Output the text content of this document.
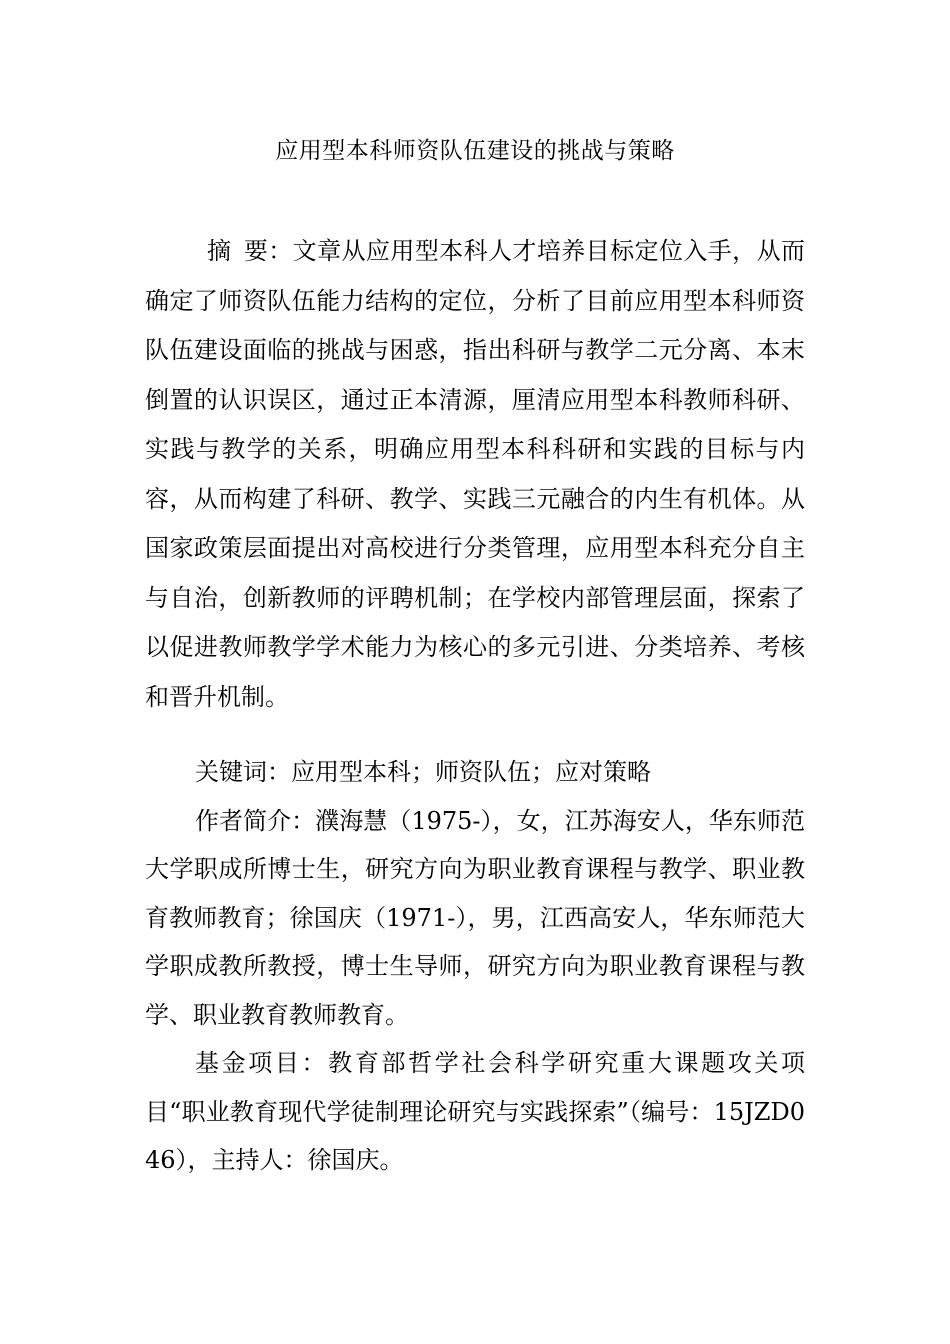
应用型本科师资队伍建设的挑战与策略

摘 要：文章从应用型本科人才培养目标定位入手，从而确定了师资队伍能力结构的定位，分析了目前应用型本科师资队伍建设面临的挑战与困惑，指出科研与教学二元分离、本末倒置的认识误区，通过正本清源，厘清应用型本科教师科研、实践与教学的关系，明确应用型本科科研和实践的目标与内容，从而构建了科研、教学、实践三元融合的内生有机体。从国家政策层面提出对高校进行分类管理，应用型本科充分自主与自治，创新教师的评聘机制；在学校内部管理层面，探索了以促进教师教学学术能力为核心的多元引进、分类培养、考核和晋升机制。

关键词：应用型本科；师资队伍；应对策略

作者简介：濮海慧（1975-），女，江苏海安人，华东师范大学职成所博士生，研究方向为职业教育课程与教学、职业教育教师教育；徐国庆（1971-），男，江西高安人，华东师范大学职成教所教授，博士生导师，研究方向为职业教育课程与教学、职业教育教师教育。

基金项目：教育部哲学社会科学研究重大课题攻关项目“职业教育现代学徒制理论研究与实践探索”（编号：15JZD046），主持人：徐国庆。
